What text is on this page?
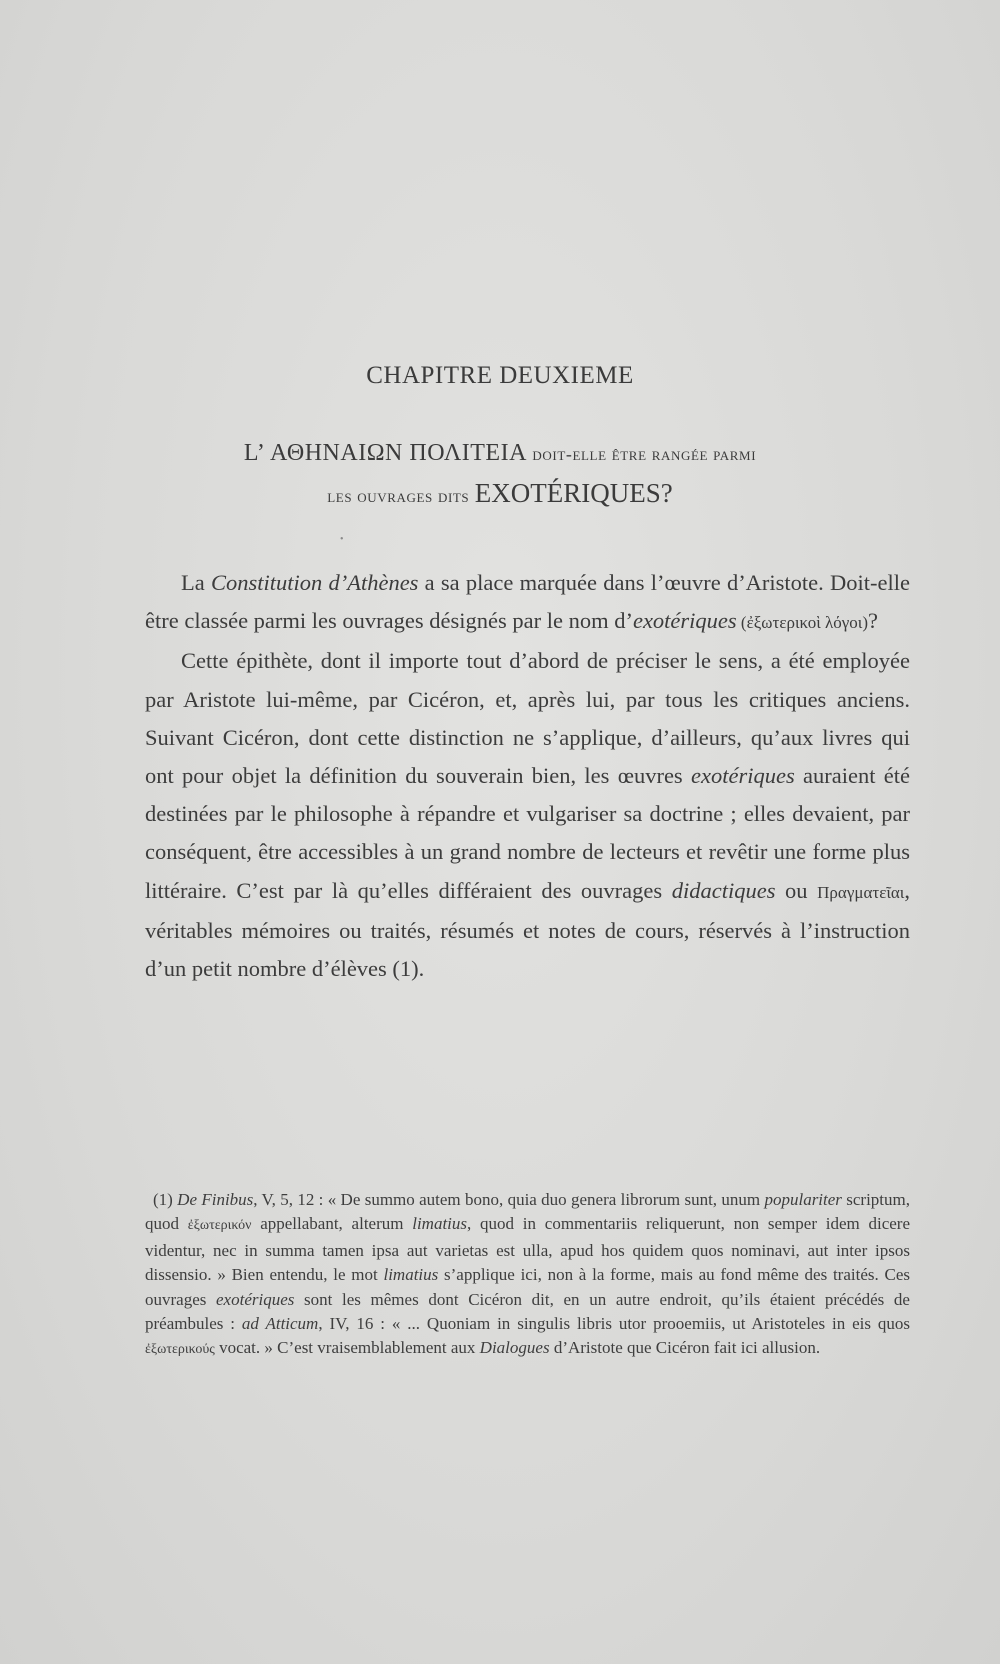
CHAPITRE DEUXIEME
L’ ΑΘΗΝΑΙΩΝ ΠΟΛΙΤΕΙΑ doit-elle être rangée parmi
les ouvrages dits EXOTÉRIQUES?
•

La Constitution d’Athènes a sa place marquée dans l’œuvre d’Aristote. Doit-elle être classée parmi les ouvrages désignés par le nom d’exotériques (ἐξωτερικοὶ λόγοι)?

Cette épithète, dont il importe tout d’abord de préciser le sens, a été employée par Aristote lui-même, par Cicéron, et, après lui, par tous les critiques anciens. Suivant Cicéron, dont cette distinction ne s’applique, d’ailleurs, qu’aux livres qui ont pour objet la définition du souverain bien, les œuvres exotériques auraient été destinées par le philosophe à répandre et vulgariser sa doctrine ; elles devaient, par conséquent, être accessibles à un grand nombre de lecteurs et revêtir une forme plus littéraire. C’est par là qu’elles différaient des ouvrages didactiques ou Πραγματεῖαι, véritables mémoires ou traités, résumés et notes de cours, réservés à l’instruction d’un petit nombre d’élèves (1).

(1) De Finibus, V, 5, 12 : « De summo autem bono, quia duo genera librorum sunt, unum populariter scriptum, quod ἐξωτερικόν appellabant, alterum limatius, quod in commentariis reliquerunt, non semper idem dicere videntur, nec in summa tamen ipsa aut varietas est ulla, apud hos quidem quos nominavi, aut inter ipsos dissensio. » Bien entendu, le mot limatius s’applique ici, non à la forme, mais au fond même des traités. Ces ouvrages exotériques sont les mêmes dont Cicéron dit, en un autre endroit, qu’ils étaient précédés de préambules : ad Atticum, IV, 16 : « ... Quoniam in singulis libris utor prooemiis, ut Aristoteles in eis quos ἐξωτερικούς vocat. » C’est vraisemblablement aux Dialogues d’Aristote que Cicéron fait ici allusion.
